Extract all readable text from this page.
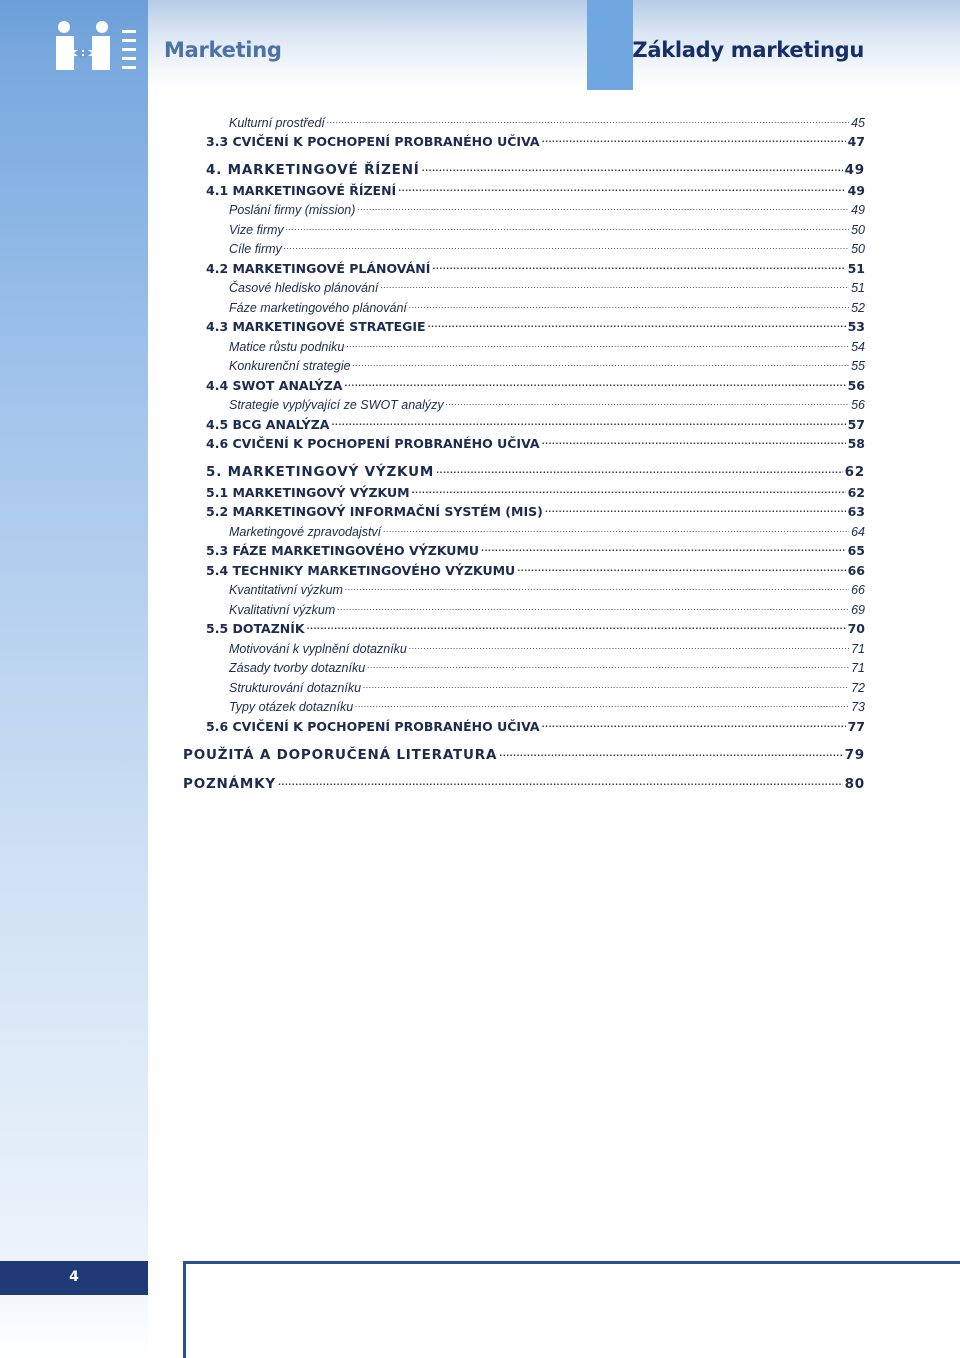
Marketing	Základy marketingu
Kulturní prostředí .....	45
3.3 CVIČENÍ K POCHOPENÍ PROBRANÉHO UČIVA .....	47
4. MARKETINGOVÉ ŘÍZENÍ .....	49
4.1 MARKETINGOVÉ ŘÍZENÍ .....	49
Poslání firmy (mission) .....	49
Vize firmy .....	50
Cíle firmy .....	50
4.2 MARKETINGOVÉ PLÁNOVÁNÍ .....	51
Časové hledisko plánování .....	51
Fáze marketingového plánování .....	52
4.3 MARKETINGOVÉ STRATEGIE .....	53
Matice růstu podniku .....	54
Konkurenční strategie .....	55
4.4 SWOT ANALÝZA .....	56
Strategie vyplývající ze SWOT analýzy .....	56
4.5 BCG ANALÝZA .....	57
4.6 CVIČENÍ K POCHOPENÍ PROBRANÉHO UČIVA .....	58
5. MARKETINGOVÝ VÝZKUM .....	62
5.1 MARKETINGOVÝ VÝZKUM .....	62
5.2 MARKETINGOVÝ INFORMAČNÍ SYSTÉM (MIS) .....	63
Marketingové zpravodajství .....	64
5.3 FÁZE MARKETINGOVÉHO VÝZKUMU .....	65
5.4 TECHNIKY MARKETINGOVÉHO VÝZKUMU .....	66
Kvantitativní výzkum .....	66
Kvalitativní výzkum .....	69
5.5 DOTAZNÍK .....	70
Motivování k vyplnění dotazníku .....	71
Zásady tvorby dotazníku .....	71
Strukturování dotazníku .....	72
Typy otázek dotazníku .....	73
5.6 CVIČENÍ K POCHOPENÍ PROBRANÉHO UČIVA .....	77
POUŽITÁ A DOPORUČENÁ LITERATURA .....	79
POZNÁMKY .....	80
4
